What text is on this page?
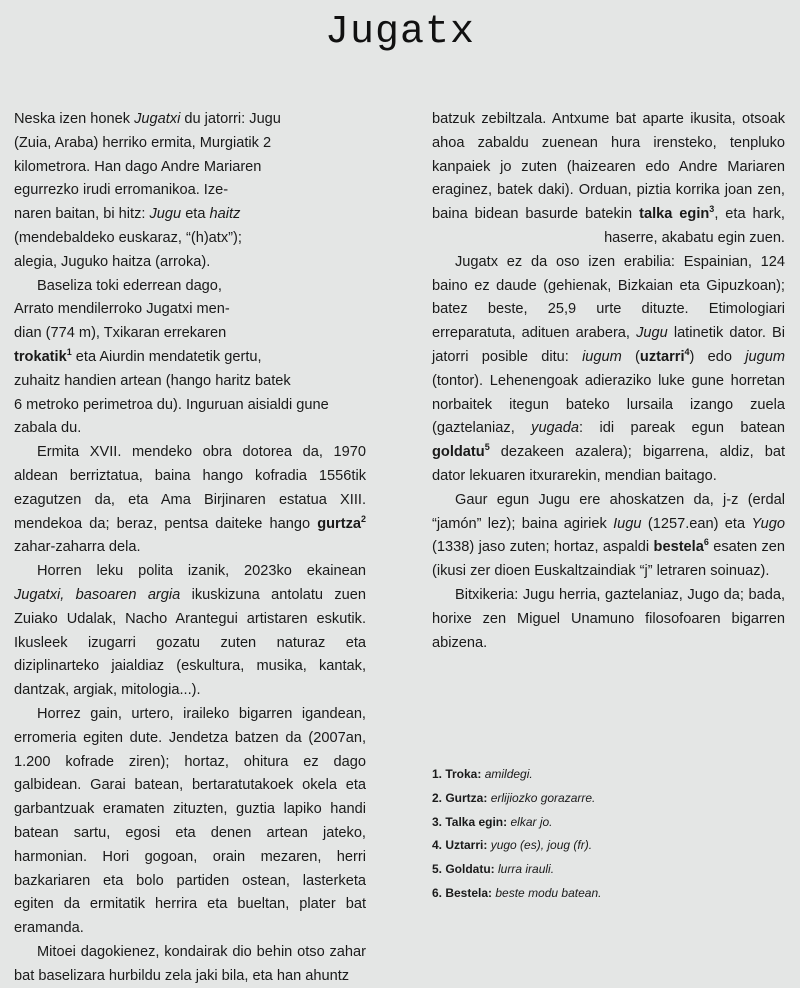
Jugatx

Neska izen honek Jugatxi du jatorri: Jugu
(Zuia, Araba) herriko ermita, Murgiatik 2
kilometrora. Han dago Andre Mariaren
egurrezko irudi erromanikoa. Ize-
naren baitan, bi hitz: Jugu eta haitz
(mendebaldeko euskaraz, “(h)atx”);
alegia, Juguko haitza (arroka).

Baseliza toki ederrean dago,
Arrato mendilerroko Jugatxi men-
dian (774 m), Txikaran errekaren
trokatik$^1$ eta Aiurdin mendatetik gertu,
zuhaitz handien artean (hango haritz batek
6 metroko perimetroa du). Inguruan aisialdi gune
zabala du.

Ermita XVII. mendeko obra dotorea da, 1970 aldean berriztatua, baina hango kofradia 1556tik ezagutzen da, eta Ama Birjinaren estatua XIII. mendekoa da; beraz, pentsa daiteke hango gurtza$^2$ zahar-zaharra dela.

Horren leku polita izanik, 2023ko ekainean Jugatxi, basoaren argia ikuskizuna antolatu zuen Zuiako Udalak, Nacho Arantegui artistaren eskutik. Ikusleek izugarri gozatu zuten naturaz eta diziplinarteko jaialdiaz (eskultura, musika, kantak, dantzak, argiak, mitologia...).

Horrez gain, urtero, iraileko bigarren igandean, erromeria egiten dute. Jendetza batzen da (2007an, 1.200 kofrade ziren); hortaz, ohitura ez dago galbidean. Garai batean, bertaratutakoek okela eta garbantzuak eramaten zituzten, guztia lapiko handi batean sartu, egosi eta denen artean jateko, harmonian. Hori gogoan, orain mezaren, herri bazkariaren eta bolo partiden ostean, lasterketa egiten da ermitatik herrira eta bueltan, plater bat eramanda.

Mitoei dagokienez, kondairak dio behin otso zahar bat baselizara hurbildu zela jaki bila, eta han ahuntz

batzuk zebiltzala. Antxume bat aparte ikusita, otsoak ahoa zabaldu zuenean hura irensteko, tenpluko kanpaiek jo zuten (haizearen edo Andre Mariaren eraginez, batek daki). Orduan, piztia korrika joan zen, baina bidean basurde batekin talka egin$^3$, eta hark, haserre, akabatu egin zuen.

Jugatx ez da oso izen erabilia: Espainian, 124 baino ez daude (gehienak, Bizkaian eta Gipuzkoan); batez beste, 25,9 urte dituzte. Etimologiari erreparatuta, adituen arabera, Jugu latinetik dator. Bi jatorri posible ditu: iugum (uztarri$^4$) edo jugum (tontor). Lehenengoak adieraziko luke gune horretan norbaitek itegun bateko lursaila izango zuela (gaztelaniaz, yugada: idi pareak egun batean goldatu$^5$ dezakeen azalera); bigarrena, aldiz, bat dator lekuaren itxurarekin, mendian baitago.

Gaur egun Jugu ere ahoskatzen da, j-z (erdal “jamón” lez); baina agiriek Iugu (1257.ean) eta Yugo (1338) jaso zuten; hortaz, aspaldi bestela$^6$ esaten zen (ikusi zer dioen Euskaltzaindiak “j” letraren soinuaz).

Bitxikeria: Jugu herria, gaztelaniaz, Jugo da; bada, horixe zen Miguel Unamuno filosofoaren bigarren abizena.

1. Troka: amildegi.

2. Gurtza: erlijiozko gorazarre.

3. Talka egin: elkar jo.

4. Uztarri: yugo (es), joug (fr).

5. Goldatu: lurra irauli.

6. Bestela: beste modu batean.
